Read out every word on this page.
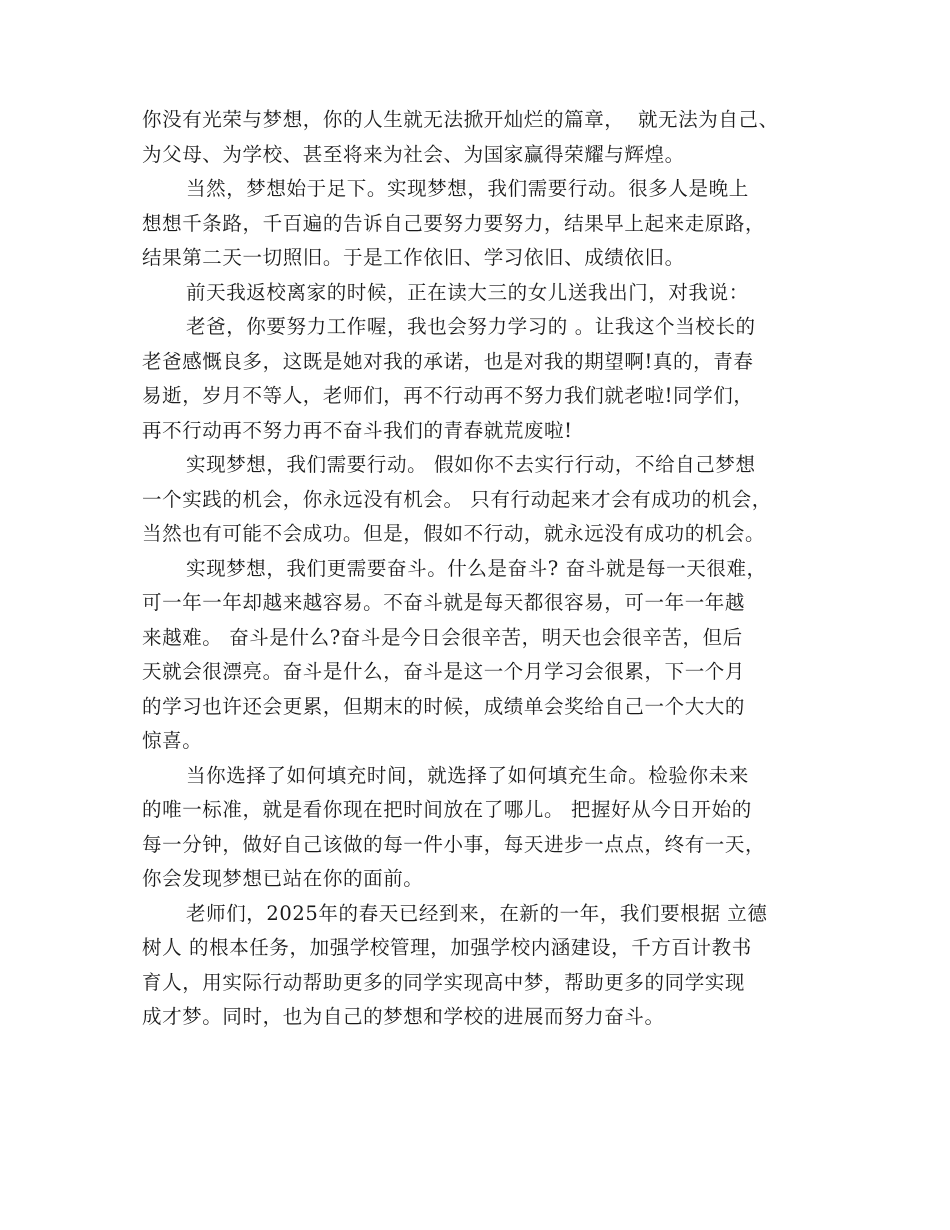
你没有光荣与梦想，你的人生就无法掀开灿烂的篇章，  就无法为自己、
为父母、为学校、甚至将来为社会、为国家赢得荣耀与辉煌。
当然，梦想始于足下。实现梦想，我们需要行动。很多人是晚上
想想千条路，千百遍的告诉自己要努力要努力，结果早上起来走原路，
结果第二天一切照旧。于是工作依旧、学习依旧、成绩依旧。
前天我返校离家的时候，正在读大三的女儿送我出门，对我说：
老爸，你要努力工作喔，我也会努力学习的 。让我这个当校长的
老爸感慨良多，这既是她对我的承诺，也是对我的期望啊!真的，青春
易逝，岁月不等人，老师们，再不行动再不努力我们就老啦!同学们，
再不行动再不努力再不奋斗我们的青春就荒废啦!
实现梦想，我们需要行动。 假如你不去实行行动，不给自己梦想
一个实践的机会，你永远没有机会。 只有行动起来才会有成功的机会，
当然也有可能不会成功。但是，假如不行动，就永远没有成功的机会。
实现梦想，我们更需要奋斗。什么是奋斗? 奋斗就是每一天很难，
可一年一年却越来越容易。不奋斗就是每天都很容易，可一年一年越
来越难。 奋斗是什么?奋斗是今日会很辛苦，明天也会很辛苦，但后
天就会很漂亮。奋斗是什么，奋斗是这一个月学习会很累，下一个月
的学习也许还会更累，但期末的时候，成绩单会奖给自己一个大大的
惊喜。
当你选择了如何填充时间，就选择了如何填充生命。检验你未来
的唯一标准，就是看你现在把时间放在了哪儿。 把握好从今日开始的
每一分钟，做好自己该做的每一件小事，每天进步一点点，终有一天，
你会发现梦想已站在你的面前。
老师们，2025年的春天已经到来，在新的一年，我们要根据 立德
树人 的根本任务，加强学校管理，加强学校内涵建设，千方百计教书
育人，用实际行动帮助更多的同学实现高中梦，帮助更多的同学实现
成才梦。同时，也为自己的梦想和学校的进展而努力奋斗。
